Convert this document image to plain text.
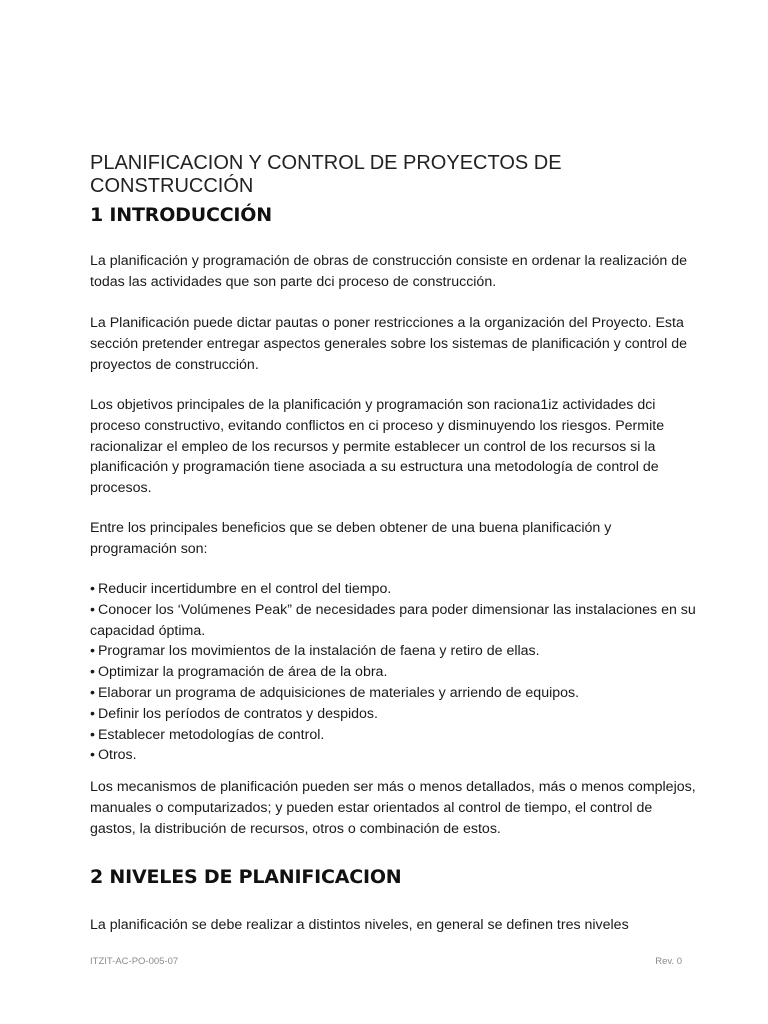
PLANIFICACION Y CONTROL DE PROYECTOS DE CONSTRUCCIÓN
1 INTRODUCCIÓN

La planificación y programación de obras de construcción consiste en ordenar la realización de todas las actividades que son parte dci proceso de construcción.

La Planificación puede dictar pautas o poner restricciones a la organización del Proyecto. Esta sección pretender entregar aspectos generales sobre los sistemas de planificación y control de proyectos de construcción.

Los objetivos principales de la planificación y programación son raciona1iz actividades dci proceso constructivo, evitando conflictos en ci proceso y disminuyendo los riesgos. Permite racionalizar el empleo de los recursos y permite establecer un control de los recursos si la planificación y programación tiene asociada a su estructura una metodología de control de procesos.

Entre los principales beneficios que se deben obtener de una buena planificación y programación son:

• Reducir incertidumbre en el control del tiempo.
• Conocer los ‘Volúmenes Peak” de necesidades para poder dimensionar las instalaciones en su capacidad óptima.
• Programar los movimientos de la instalación de faena y retiro de ellas.
• Optimizar la programación de área de la obra.
• Elaborar un programa de adquisiciones de materiales y arriendo de equipos.
• Definir los períodos de contratos y despidos.
• Establecer metodologías de control.
• Otros.

Los mecanismos de planificación pueden ser más o menos detallados, más o menos complejos, manuales o computarizados; y pueden estar orientados al control de tiempo, el control de gastos, la distribución de recursos, otros o combinación de estos.

2 NIVELES DE PLANIFICACION

La planificación se debe realizar a distintos niveles, en general se definen tres niveles

ITZIT-AC-PO-005-07	Rev. 0
